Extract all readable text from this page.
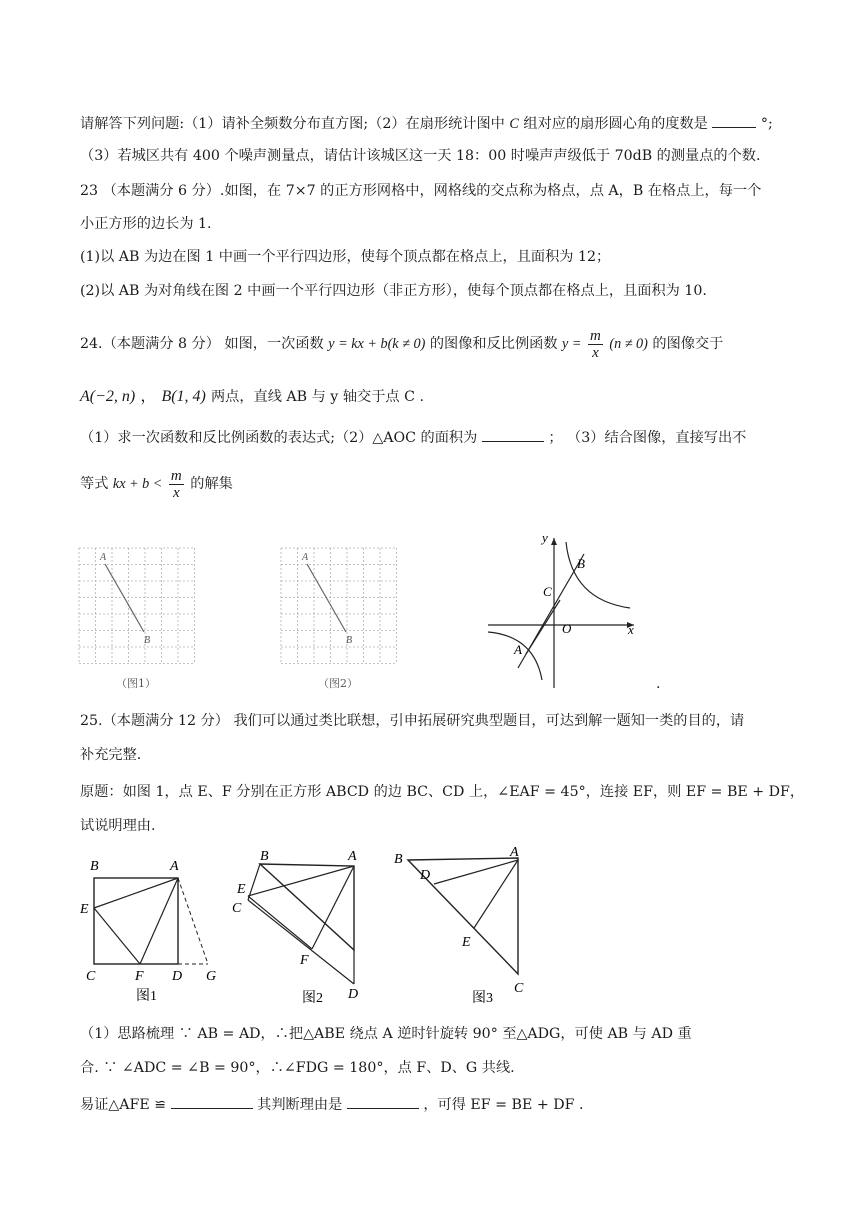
请解答下列问题:（1）请补全频数分布直方图;（2）在扇形统计图中 C 组对应的扇形圆心角的度数是	°;
（3）若城区共有 400 个噪声测量点，请估计该城区这一天 18：00 时噪声声级低于 70dB 的测量点的个数.
23 （本题满分 6 分）.如图，在 7×7 的正方形网格中，网格线的交点称为格点，点 A，B 在格点上，每一个
小正方形的边长为 1.
(1)以 AB 为边在图 1 中画一个平行四边形，使每个顶点都在格点上，且面积为 12；
(2)以 AB 为对角线在图 2 中画一个平行四边形（非正方形），使每个顶点都在格点上，且面积为 10.
24.（本题满分 8 分） 如图，一次函数 y = kx + b(k ≠ 0) 的图像和反比例函数 $y = \frac{m}{x} (n \ne 0)$ 的图像交于
A(−2, n) ， B(1, 4) 两点，直线 AB 与 y 轴交于点 C .
（1）求一次函数和反比例函数的表达式;（2）△AOC 的面积为	； （3）结合图像，直接写出不
等式 kx + $b < \frac{m}{x}$ 的解集
A
B
（图1）
A
B
（图2）
y
x
O
B
C
A
.
25.（本题满分 12 分） 我们可以通过类比联想，引申拓展研究典型题目，可达到解一题知一类的目的，请
补充完整.
原题：如图 1，点 E、F 分别在正方形 ABCD 的边 BC、CD 上，∠EAF = 45°，连接 EF，则 EF = BE + DF，
试说明理由.
B	A
E
C	F D G
图1
B	A
E
C
F
D
图2
B	A
D
E
C
图3
（1）思路梳理 ∵ AB = AD，∴把△ABE 绕点 A 逆时针旋转 90° 至△ADG，可使 AB 与 AD 重
合. ∵ ∠ADC = ∠B = 90°，∴∠FDG = 180°，点 F、D、G 共线.
易证△AFE ≌	其判断理由是	，可得 EF = BE + DF .
